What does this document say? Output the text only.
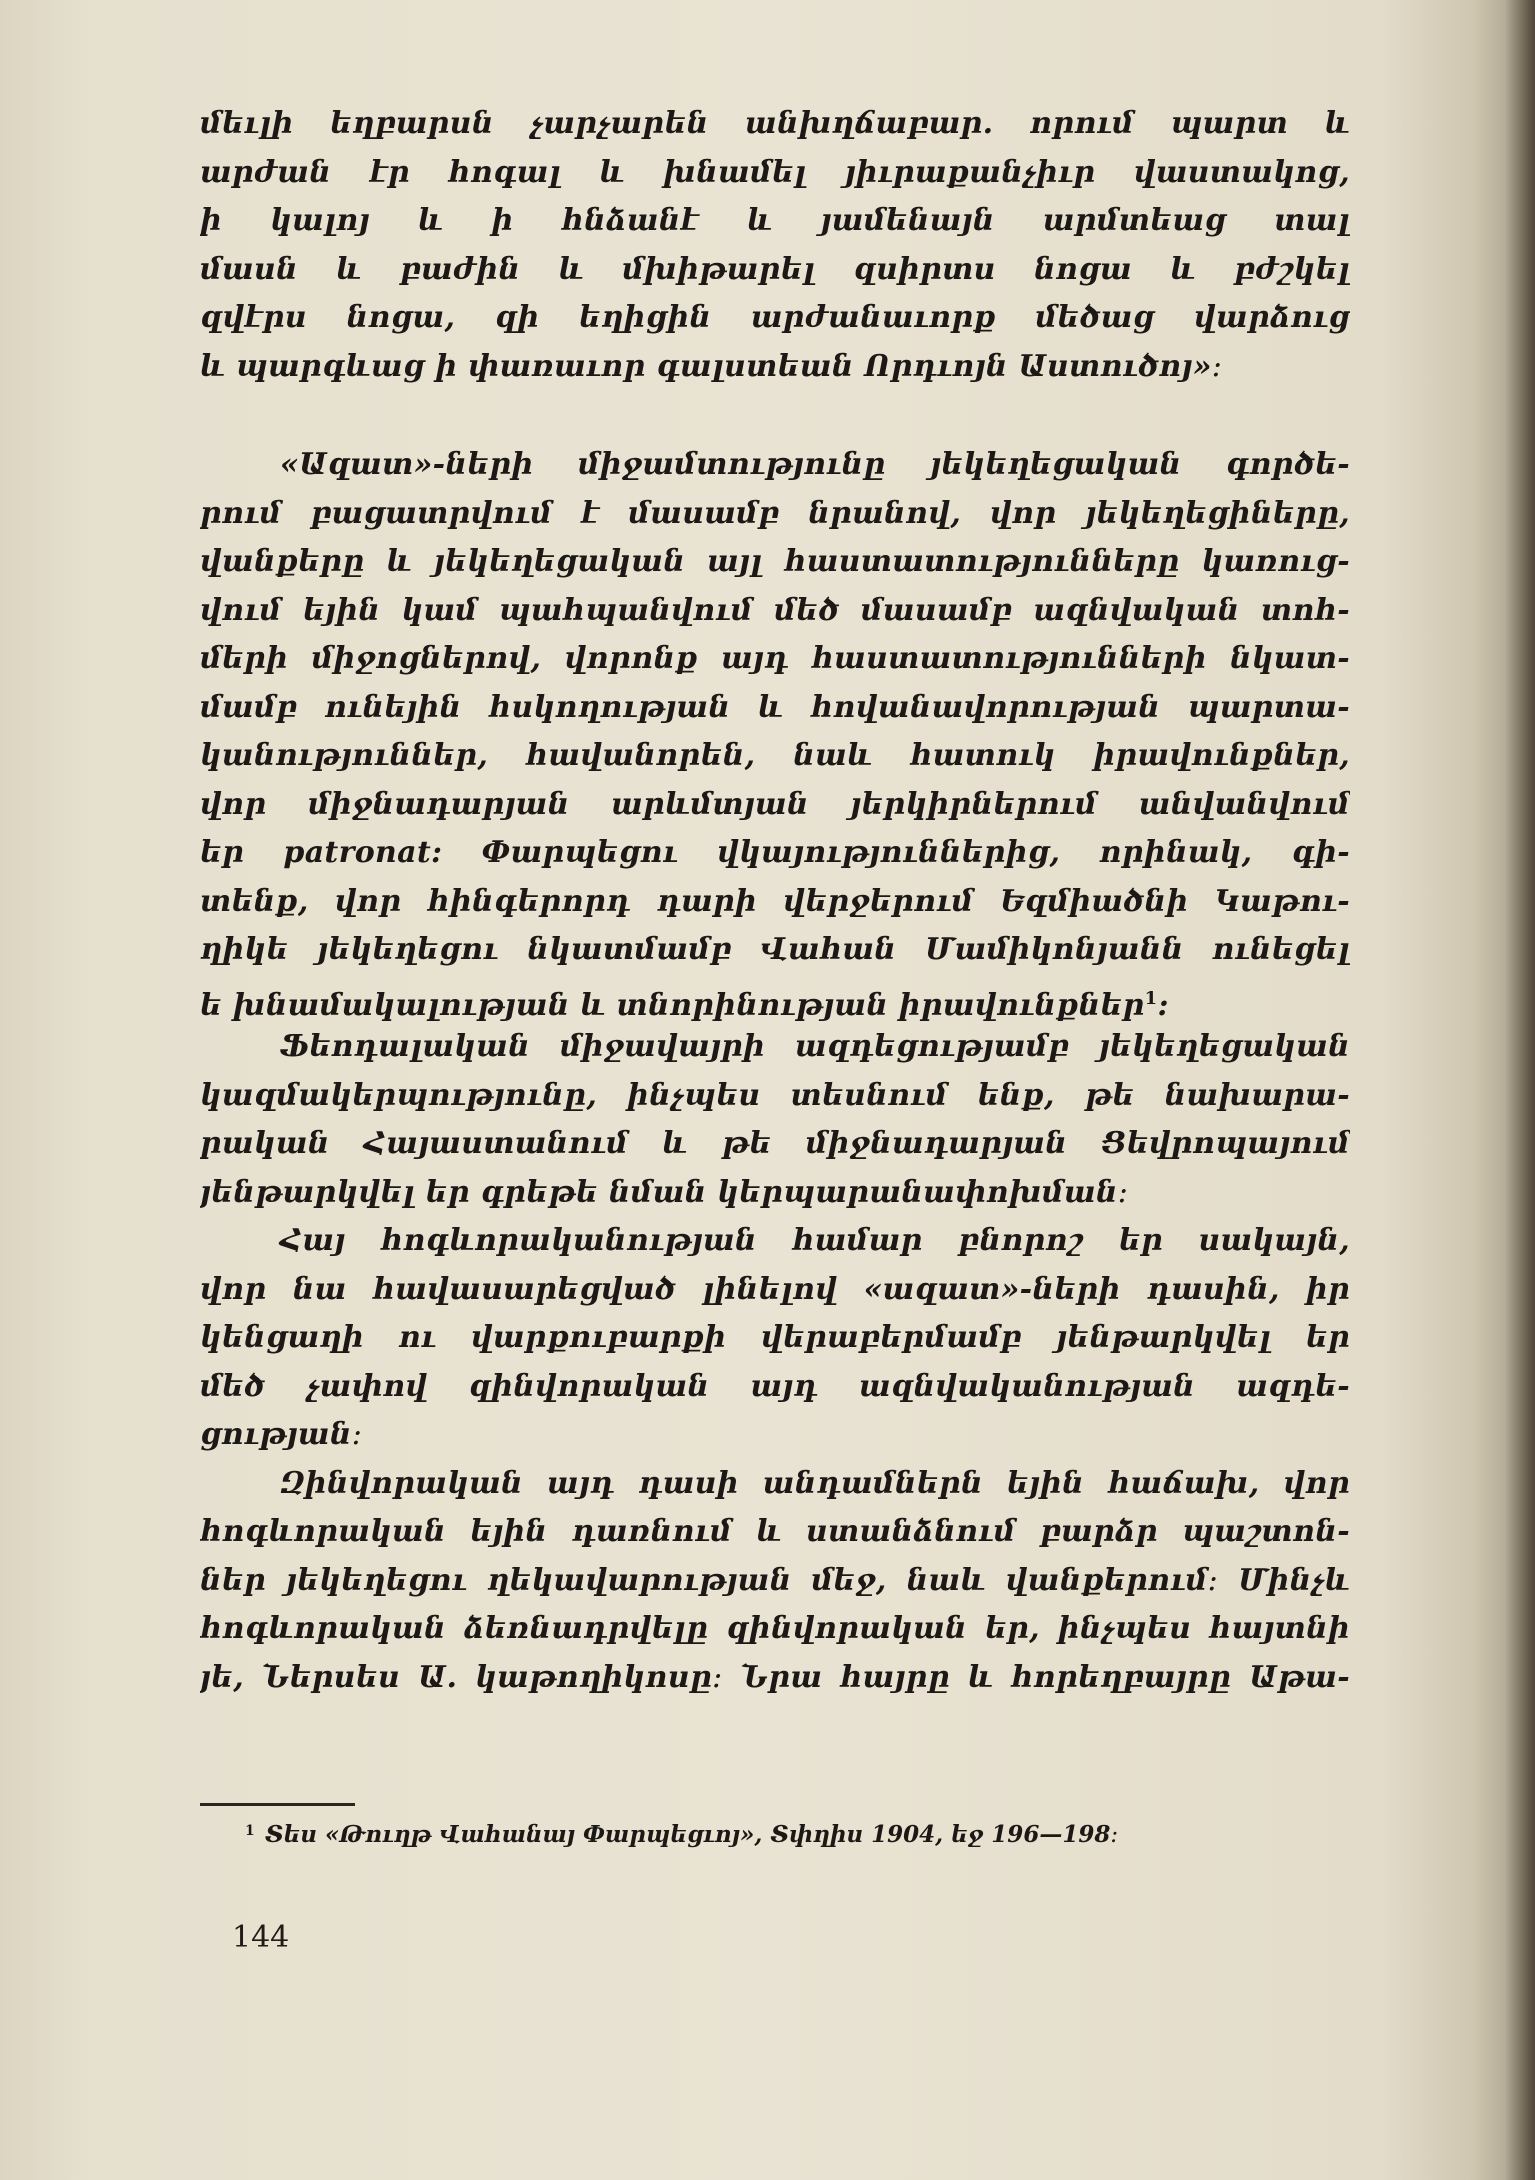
մեւլի եղբարսն չարչարեն անխղճաբար. որում պարտ և
արժան էր հոգալ և խնամել յիւրաքանչիւր վաստակոց,
ի կալոյ և ի հնձանէ և յամենայն արմտեաց տալ
մասն և բաժին և մխիթարել զսիրտս նոցա և բժշկել
զվէրս նոցա, զի եղիցին արժանաւորք մեծաց վարձուց
և պարգևաց ի փառաւոր գալստեան Որդւոյն Աստուծոյ»։
«Ազատ»-ների միջամտությունը յեկեղեցական գործե-
րում բացատրվում է մասամբ նրանով, վոր յեկեղեցիները,
վանքերը և յեկեղեցական այլ հաստատությունները կառուց-
վում եյին կամ պահպանվում մեծ մասամբ ազնվական տոհ-
մերի միջոցներով, վորոնք այդ հաստատությունների նկատ-
մամբ ունեյին հսկողության և հովանավորության պարտա-
կանություններ, հավանորեն, նաև հատուկ իրավունքներ,
վոր միջնադարյան արևմտյան յերկիրներում անվանվում
եր patronat: Փարպեցու վկայություններից, որինակ, գի-
տենք, վոր հինգերորդ դարի վերջերում Եզմիածնի Կաթու-
ղիկե յեկեղեցու նկատմամբ Վահան Մամիկոնյանն ունեցել
ե խնամակալության և տնորինության իրավունքներ$^1$:
Ֆեոդալական միջավայրի ազդեցությամբ յեկեղեցական
կազմակերպությունը, ինչպես տեսնում ենք, թե նախարա-
րական Հայաստանում և թե միջնադարյան Ցեվրոպայում
յենթարկվել եր գրեթե նման կերպարանափոխման։
Հայ հոգևորականության համար բնորոշ եր սակայն,
վոր նա հավասարեցված լինելով «ազատ»-ների դասին, իր
կենցաղի ու վարքուբարքի վերաբերմամբ յենթարկվել եր
մեծ չափով զինվորական այդ ազնվականության ազդե-
ցության։
Զինվորական այդ դասի անդամներն եյին հաճախ, վոր
հոգևորական եյին դառնում և ստանձնում բարձր պաշտոն-
ներ յեկեղեցու ղեկավարության մեջ, նաև վանքերում։ Մինչև
հոգևորական ձեռնադրվելը զինվորական եր, ինչպես հայտնի
յե, Ներսես Ա. կաթողիկոսը։ Նրա հայրը և հորեղբայրը Աթա-
1 Տես «Թուղթ Վահանայ Փարպեցւոյ», Տփղիս 1904, եջ 196—198։
144
